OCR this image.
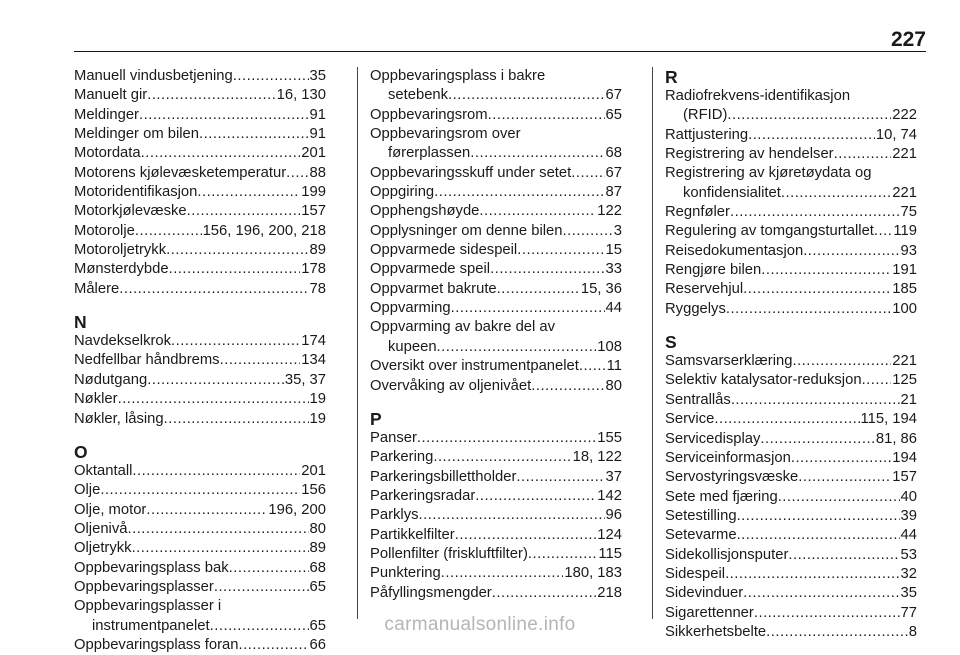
227
Manuell vindusbetjening .....	35
Manuelt gir .....	16, 130
Meldinger .....	91
Meldinger om bilen .....	91
Motordata .....	201
Motorens kjølevæsketemperatur ..... 88
Motoridentifikasjon .....	199
Motorkjølevæske .....	157
Motorolje .....	156, 196, 200, 218
Motoroljetrykk .....	89
Mønsterdybde .....	178
Målere .....	78
N
Navdekselkrok .....	174
Nedfellbar håndbrems .....	134
Nødutgang .....	35, 37
Nøkler .....	19
Nøkler, låsing .....	19
O
Oktantall .....	201
Olje .....	156
Olje, motor .....	196, 200
Oljenivå .....	80
Oljetrykk .....	89
Oppbevaringsplass bak .....	68
Oppbevaringsplasser .....	65
Oppbevaringsplasser i
instrumentpanelet .....	65
Oppbevaringsplass foran .....	66
Oppbevaringsplass i bakre
setebenk .....	67
Oppbevaringsrom .....	65
Oppbevaringsrom over
førerplassen .....	68
Oppbevaringsskuff under setet ..... 67
Oppgiring .....	87
Opphengshøyde .....	122
Opplysninger om denne bilen .....	3
Oppvarmede sidespeil .....	15
Oppvarmede speil .....	33
Oppvarmet bakrute .....	15, 36
Oppvarming .....	44
Oppvarming av bakre del av
kupeen .....	108
Oversikt over instrumentpanelet ..... 11
Overvåking av oljenivået .....	80
P
Panser .....	155
Parkering .....	18, 122
Parkeringsbillettholder .....	37
Parkeringsradar .....	142
Parklys .....	96
Partikkelfilter .....	124
Pollenfilter (friskluftfilter) .....	115
Punktering .....	180, 183
Påfyllingsmengder .....	218
R
Radiofrekvens-identifikasjon
(RFID) .....	222
Rattjustering .....	10, 74
Registrering av hendelser .....	221
Registrering av kjøretøydata og
konfidensialitet .....	221
Regnføler .....	75
Regulering av tomgangsturtallet ..... 119
Reisedokumentasjon .....	93
Rengjøre bilen .....	191
Reservehjul .....	185
Ryggelys .....	100
S
Samsvarserklæring .....	221
Selektiv katalysator-reduksjon ..... 125
Sentrallås .....	21
Service .....	115, 194
Servicedisplay .....	81, 86
Serviceinformasjon .....	194
Servostyringsvæske .....	157
Sete med fjæring .....	40
Setestilling .....	39
Setevarme .....	44
Sidekollisjonsputer .....	53
Sidespeil .....	32
Sidevinduer .....	35
Sigarettenner .....	77
Sikkerhetsbelte .....	8
carmanualsonline.info
